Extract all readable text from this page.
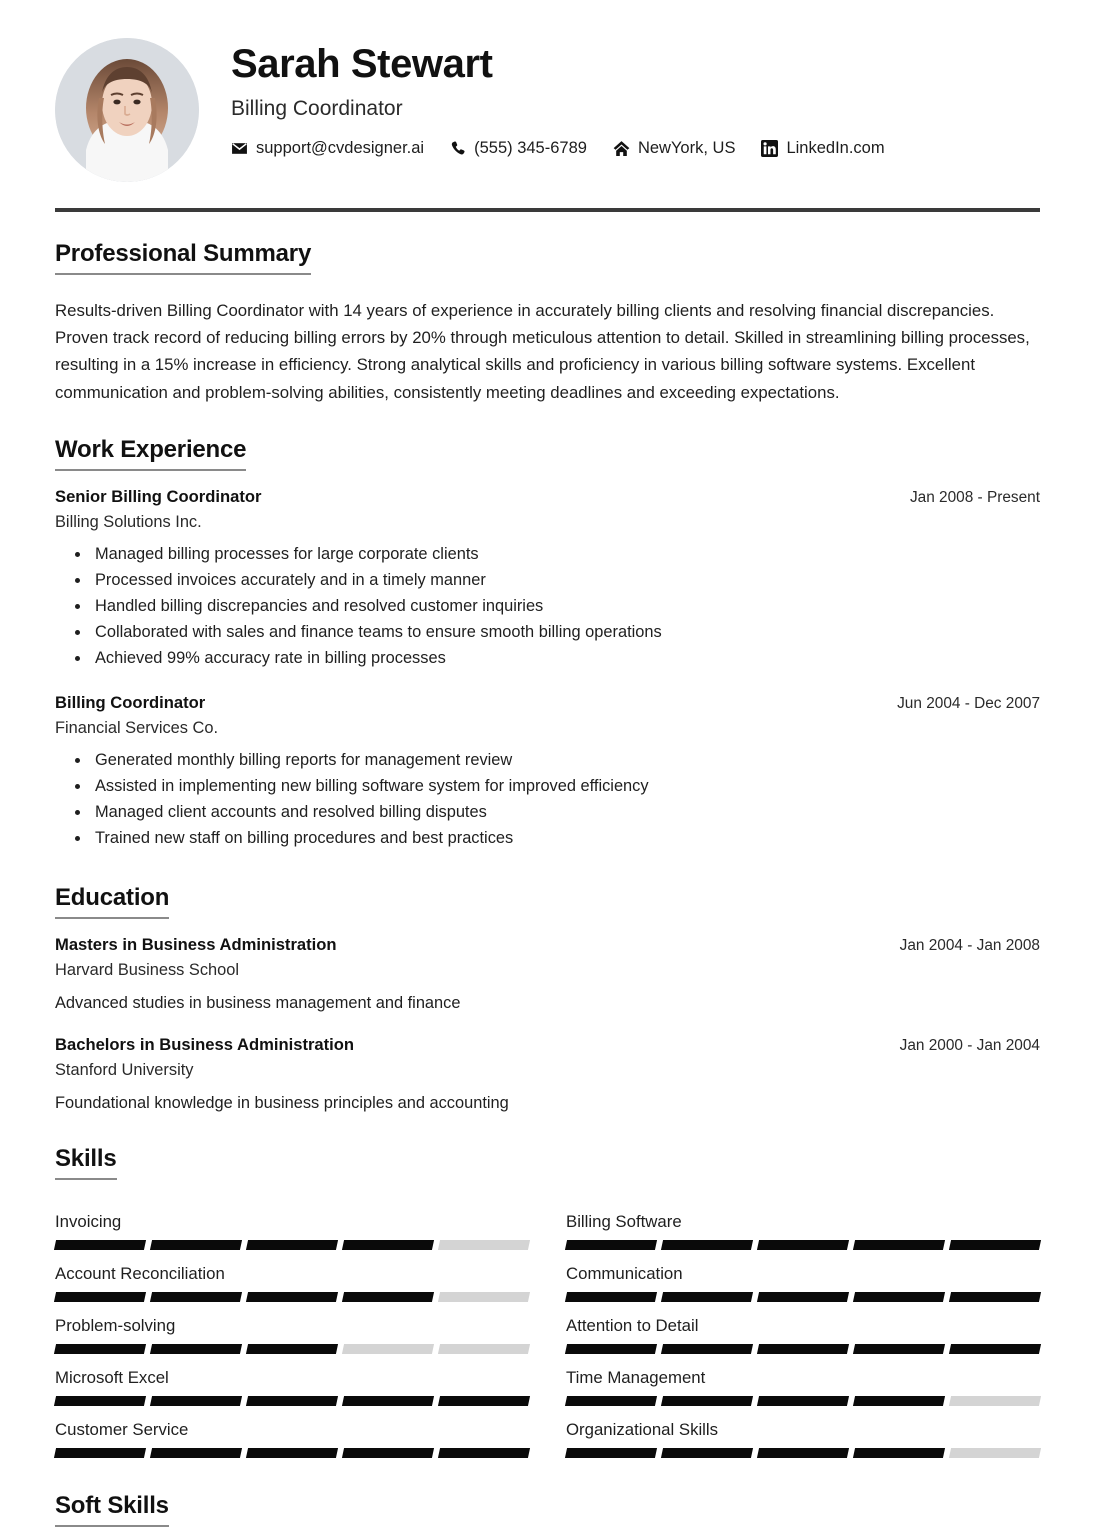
Sarah Stewart
Billing Coordinator
support@cvdesigner.ai	(555) 345-6789	NewYork, US	LinkedIn.com
Professional Summary

Results-driven Billing Coordinator with 14 years of experience in accurately billing clients and resolving financial discrepancies. Proven track record of reducing billing errors by 20% through meticulous attention to detail. Skilled in streamlining billing processes, resulting in a 15% increase in efficiency. Strong analytical skills and proficiency in various billing software systems. Excellent communication and problem-solving abilities, consistently meeting deadlines and exceeding expectations.

Work Experience
Senior Billing Coordinator	Jan 2008 - Present
Billing Solutions Inc.
• Managed billing processes for large corporate clients
• Processed invoices accurately and in a timely manner
• Handled billing discrepancies and resolved customer inquiries
• Collaborated with sales and finance teams to ensure smooth billing operations
• Achieved 99% accuracy rate in billing processes
Billing Coordinator	Jun 2004 - Dec 2007
Financial Services Co.
• Generated monthly billing reports for management review
• Assisted in implementing new billing software system for improved efficiency
• Managed client accounts and resolved billing disputes
• Trained new staff on billing procedures and best practices
Education
Masters in Business Administration	Jan 2004 - Jan 2008
Harvard Business School
Advanced studies in business management and finance
Bachelors in Business Administration	Jan 2000 - Jan 2004
Stanford University
Foundational knowledge in business principles and accounting
Skills
Invoicing	Billing Software
Account Reconciliation	Communication
Problem-solving	Attention to Detail
Microsoft Excel	Time Management
Customer Service	Organizational Skills
Soft Skills
